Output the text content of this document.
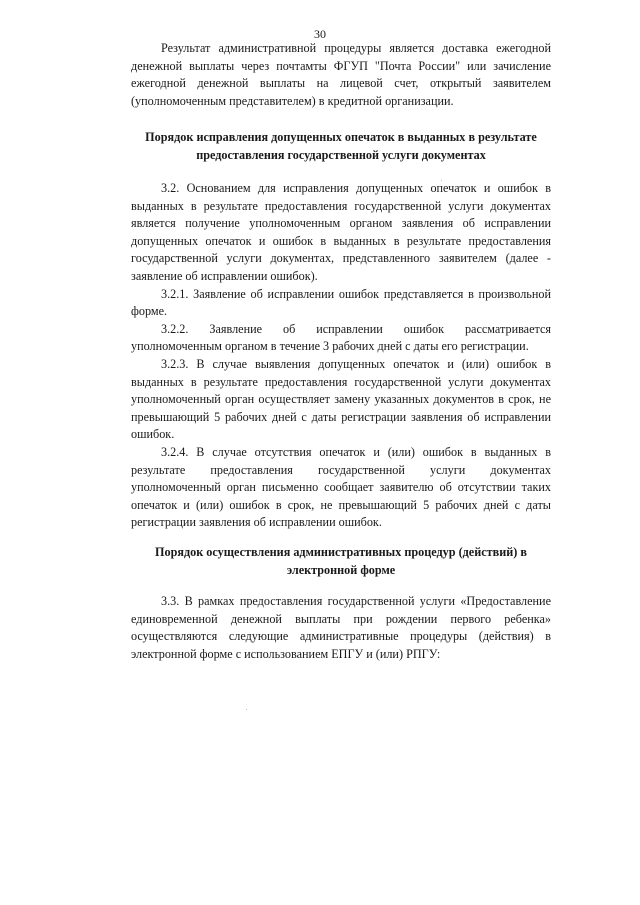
30

Результат административной процедуры является доставка ежегодной денежной выплаты через почтамты ФГУП "Почта России" или зачисление ежегодной денежной выплаты на лицевой счет, открытый заявителем (уполномоченным представителем) в кредитной организации.

Порядок исправления допущенных опечаток в выданных в результате предоставления государственной услуги документах

3.2. Основанием для исправления допущенных опечаток и ошибок в выданных в результате предоставления государственной услуги документах является получение уполномоченным органом заявления об исправлении допущенных опечаток и ошибок в выданных в результате предоставления государственной услуги документах, представленного заявителем (далее - заявление об исправлении ошибок).

3.2.1. Заявление об исправлении ошибок представляется в произвольной форме.

3.2.2. Заявление об исправлении ошибок рассматривается уполномоченным органом в течение 3 рабочих дней с даты его регистрации.

3.2.3. В случае выявления допущенных опечаток и (или) ошибок в выданных в результате предоставления государственной услуги документах уполномоченный орган осуществляет замену указанных документов в срок, не превышающий 5 рабочих дней с даты регистрации заявления об исправлении ошибок.

3.2.4. В случае отсутствия опечаток и (или) ошибок в выданных в результате предоставления государственной услуги документах уполномоченный орган письменно сообщает заявителю об отсутствии таких опечаток и (или) ошибок в срок, не превышающий 5 рабочих дней с даты регистрации заявления об исправлении ошибок.

Порядок осуществления административных процедур (действий) в электронной форме

3.3. В рамках предоставления государственной услуги «Предоставление единовременной денежной выплаты при рождении первого ребенка» осуществляются следующие административные процедуры (действия) в электронной форме с использованием ЕПГУ и (или) РПГУ:
